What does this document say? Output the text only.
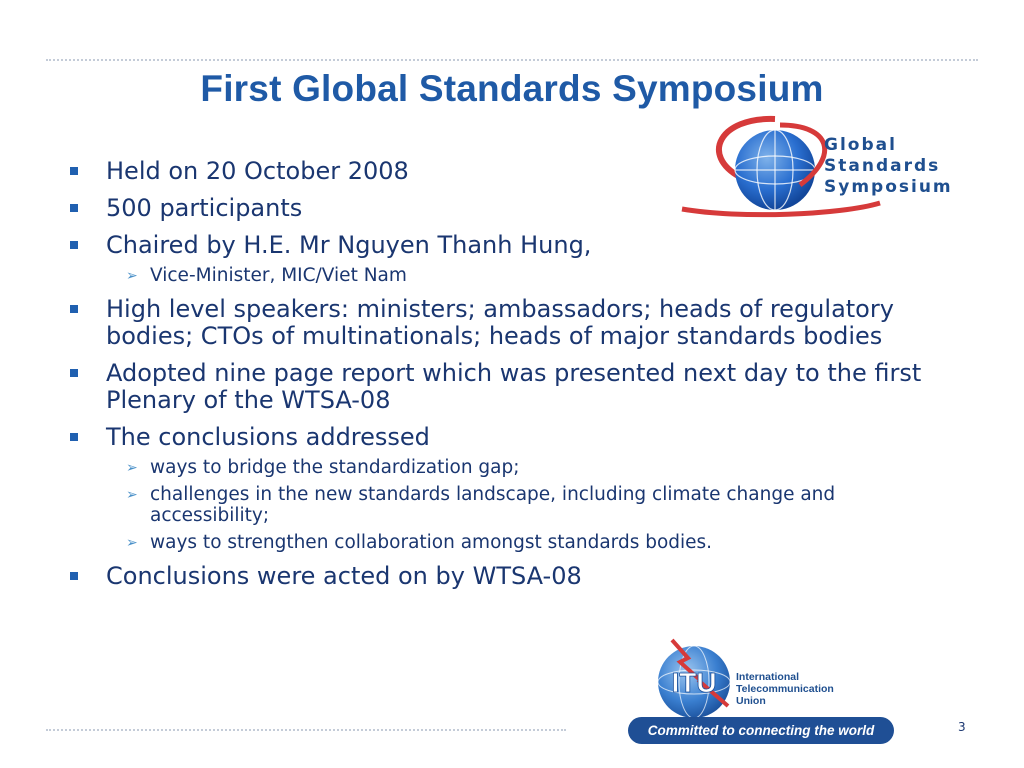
First Global Standards Symposium
Global
Standards
Symposium
Held on 20 October 2008
500 participants
Chaired by H.E. Mr Nguyen Thanh Hung,
➢ Vice-Minister, MIC/Viet Nam
High level speakers: ministers; ambassadors; heads of regulatory bodies; CTOs of multinationals; heads of major standards bodies
Adopted nine page report which was presented next day to the first Plenary of the WTSA-08
The conclusions addressed
➢ ways to bridge the standardization gap;
➢ challenges in the new standards landscape, including climate change and accessibility;
➢ ways to strengthen collaboration amongst standards bodies.
Conclusions were acted on by WTSA-08
ITU International
Telecommunication
Union
Committed to connecting the world	3
